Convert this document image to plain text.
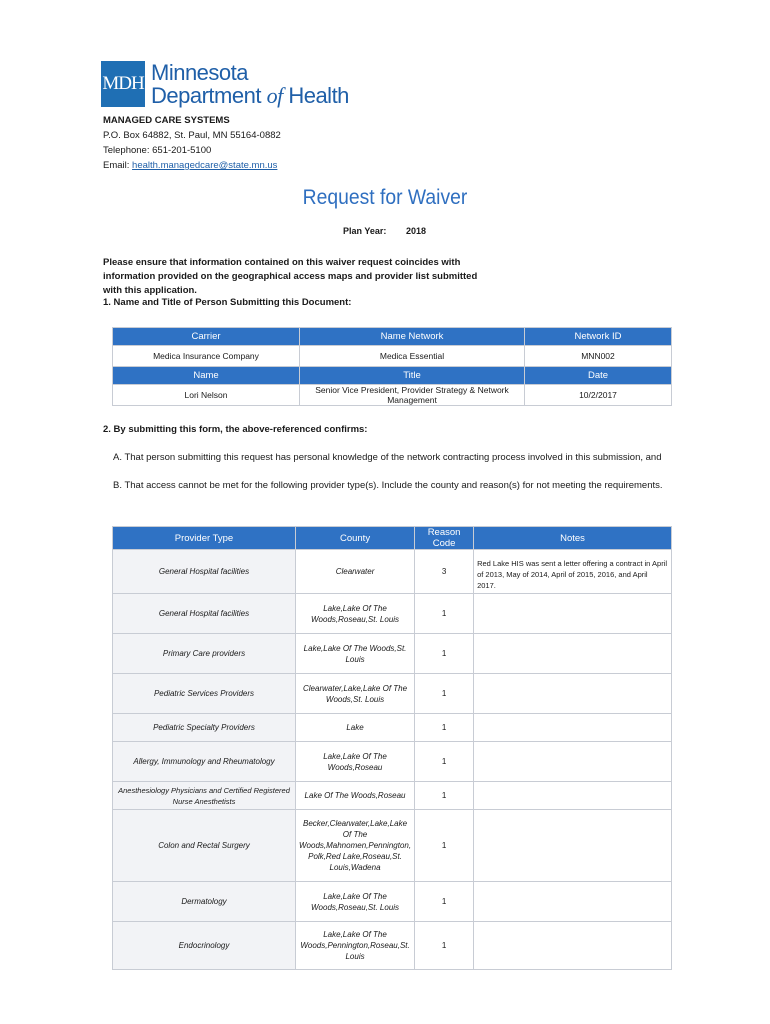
MDH Minnesota
Department of Health
MANAGED CARE SYSTEMS
P.O. Box 64882, St. Paul, MN 55164-0882
Telephone: 651-201-5100
Email: health.managedcare@state.mn.us
Request for Waiver
Plan Year: 2018
Please ensure that information contained on this waiver request coincides with information provided on the geographical access maps and provider list submitted with this application.
1. Name and Title of Person Submitting this Document:
Carrier	Name Network	Network ID
Medica Insurance Company	Medica Essential	MNN002
Name	Title	Date
Lori Nelson	Senior Vice President, Provider Strategy & Network Management	10/2/2017
2. By submitting this form, the above-referenced confirms:
A. That person submitting this request has personal knowledge of the network contracting process involved in this submission, and
B. That access cannot be met for the following provider type(s). Include the county and reason(s) for not meeting the requirements.
Provider Type	County	Reason Code	Notes
General Hospital facilities	Clearwater	3	Red Lake HIS was sent a letter offering a contract in April of 2013, May of 2014, April of 2015, 2016, and April 2017.
General Hospital facilities	Lake,Lake Of The Woods,Roseau,St. Louis	1	
Primary Care providers	Lake,Lake Of The Woods,St. Louis	1	
Pediatric Services Providers	Clearwater,Lake,Lake Of The Woods,St. Louis	1	
Pediatric Specialty Providers	Lake	1	
Allergy, Immunology and Rheumatology	Lake,Lake Of The Woods,Roseau	1	
Anesthesiology Physicians and Certified Registered Nurse Anesthetists	Lake Of The Woods,Roseau	1	
Colon and Rectal Surgery	Becker,Clearwater,Lake,Lake Of The Woods,Mahnomen,Pennington, Polk,Red Lake,Roseau,St. Louis,Wadena	1	
Dermatology	Lake,Lake Of The Woods,Roseau,St. Louis	1	
Endocrinology	Lake,Lake Of The Woods,Pennington,Roseau,St. Louis	1	
